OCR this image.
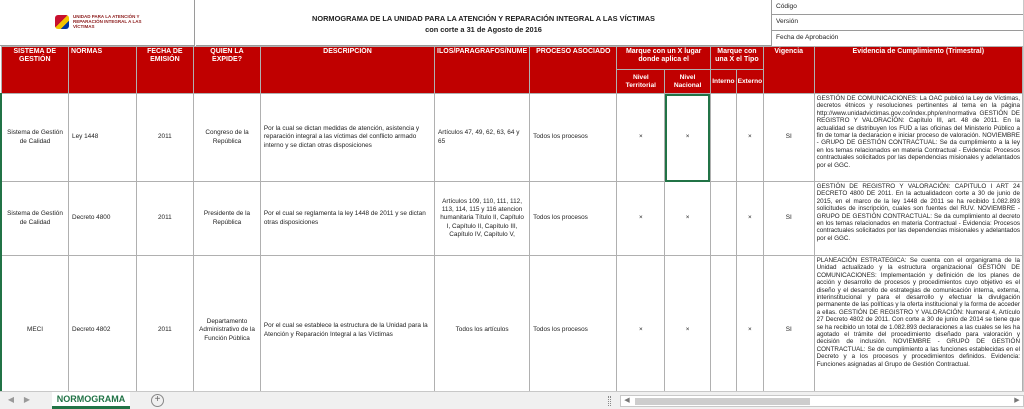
UNIDAD PARA LA ATENCIÓN Y REPARACIÓN INTEGRAL A LAS VÍCTIMAS
NORMOGRAMA DE LA UNIDAD PARA LA ATENCIÓN Y REPARACIÓN INTEGRAL A LAS VÍCTIMAS
con corte a 31 de Agosto de 2016
Código
Versión
Fecha de Aprobación
SISTEMA DE GESTIÓN	NORMAS	FECHA DE EMISIÓN	QUIEN LA EXPIDE?	DESCRIPCIÓN	ILOS/PARAGRAFOS/NUME	PROCESO ASOCIADO	Marque con un X lugar donde aplica el		Marque con una X el Tipo		Vigencia	Evidencia de Cumplimiento (Trimestral)
							Nivel Territorial	Nivel Nacional	Interno	Externo		
Sistema de Gestión de Calidad	Ley 1448	2011	Congreso de la República	Por la cual se dictan medidas de atención, asistencia y reparación integral a las víctimas del conflicto armado interno y se dictan otras disposiciones	Artículos 47, 49, 62, 63, 64 y 65	Todos los procesos	×	×		×	SI	GESTIÓN DE COMUNICACIONES: La OAC publicó la Ley de Víctimas, decretos étnicos y resoluciones pertinentes al tema en la página http://www.unidadvictimas.gov.co/index.php/en/normativa GESTIÓN DE REGISTRO Y VALORACIÓN: Capítulo III, art. 48 de 2011. En la actualidad se distribuyen los FUD a las oficinas del Ministerio Público a fin de tomar la declaracion e iniciar proceso de valoración. NOVIEMBRE - GRUPO DE GESTIÓN CONTRACTUAL: Se da cumplimiento a la ley en los temas relacionados en materia Contractual - Evidencia: Procesos contractuales solicitados por las dependencias misionales y adelantados por el GGC.
Sistema de Gestión de Calidad	Decreto 4800	2011	Presidente de la República	Por el cual se reglamenta la ley 1448 de 2011 y se dictan otras disposiciones	Artículos 109, 110, 111, 112, 113, 114, 115 y 116 atencion humanitaria Título II, Capítulo I, Capítulo II, Capítulo III, Capítulo IV, Capítulo V,	Todos los procesos	×	×		×	SI	GESTIÓN DE REGISTRO Y VALORACIÓN: CAPITULO I ART 24 DECRETO 4800 DE 2011. En la actualidadcon corte a 30 de junio de 2015, en el marco de la ley 1448 de 2011 se ha recibido 1.082.893 solicitudes de inscripción, cuales son fuentes del RUV. NOVIEMBRE - GRUPO DE GESTIÓN CONTRACTUAL: Se da cumplimiento al decreto en los temas relacionados en materia Contractual - Evidencia: Procesos contractuales solicitados por las dependencias misionales y adelantados por el GGC.
MECI	Decreto 4802	2011	Departamento Administrativo de la Función Pública	Por el cual se establece la estructura de la Unidad para la Atención y Reparación Integral a las Víctimas	Todos los artículos	Todos los procesos	×	×		×	SI	PLANEACIÓN ESTRATEGICA: Se cuenta con el organigrama de la Unidad actualizado y la estructura organizacional GESTIÓN DE COMUNICACIONES: Implementación y definición de los planes de acción y desarrollo de procesos y procedimientos cuyo objetivo es el diseño y el desarrollo de estrategias de comunicación interna, externa, interinstitucional y para el desarrollo y efectuar la divulgación permanente de las políticas y la oferta institucional y la forma de acceder a ellas. GESTIÓN DE REGISTRO Y VALORACIÓN: Numeral 4, Artículo 27 Decreto 4802 de 2011. Con corte a 30 de junio de 2014 se tiene que se ha recibido un total de 1.082.893 declaraciones a las cuales se les ha agotado el trámite del procedimiento diseñado para valoración y decisión de inclusión. NOVIEMBRE - GRUPO DE GESTIÓN CONTRACTUAL: Se de cumplimiento a las funciones establecidas en el Decreto y a los procesos y procedimientos definidos. Evidencia: Funciones asignadas al Grupo de Gestión Contractual.
◀ ▶	NORMOGRAMA	+	◀	▶
